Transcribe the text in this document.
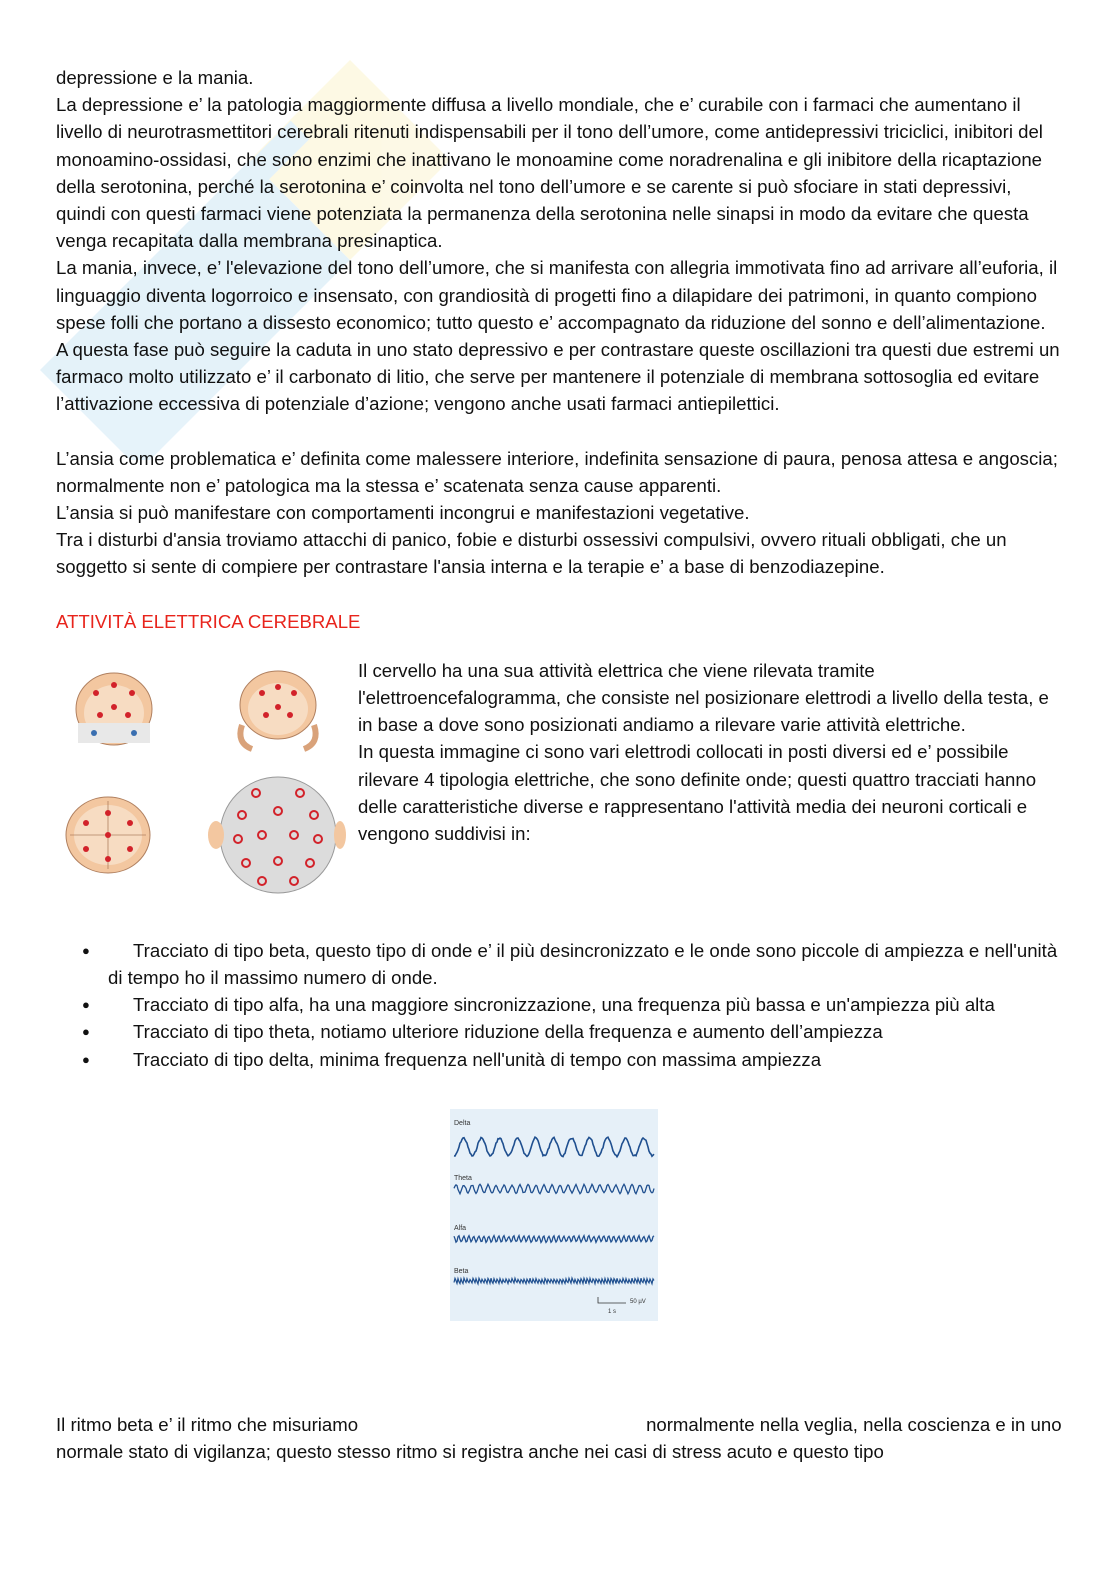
depressione e la mania.

La depressione e’ la patologia maggiormente diffusa a livello mondiale, che e’ curabile con i farmaci che aumentano il livello di neurotrasmettitori cerebrali ritenuti indispensabili per il tono dell’umore, come antidepressivi triciclici, inibitori del monoamino-ossidasi, che sono enzimi che inattivano le monoamine come noradrenalina e gli inibitore della ricaptazione della serotonina, perché la serotonina e’ coinvolta nel tono dell’umore e se carente si può sfociare in stati depressivi, quindi con questi farmaci viene potenziata la permanenza della serotonina nelle sinapsi in modo da evitare che questa venga recapitata dalla membrana presinaptica.

La mania, invece, e’ l'elevazione del tono dell’umore, che si manifesta con allegria immotivata fino ad arrivare all’euforia, il linguaggio diventa logorroico e insensato, con grandiosità di progetti fino a dilapidare dei patrimoni, in quanto compiono spese folli che portano a dissesto economico; tutto questo e’ accompagnato da riduzione del sonno e dell’alimentazione.

A questa fase può seguire la caduta in uno stato depressivo e per contrastare queste oscillazioni tra questi due estremi un farmaco molto utilizzato e’ il carbonato di litio, che serve per mantenere il potenziale di membrana sottosoglia ed evitare l’attivazione eccessiva di potenziale d’azione; vengono anche usati farmaci antiepilettici.

L’ansia come problematica e’ definita come malessere interiore, indefinita sensazione di paura, penosa attesa e angoscia; normalmente non e’ patologica ma la stessa e’ scatenata senza cause apparenti.

L’ansia si può manifestare con comportamenti incongrui e manifestazioni vegetative.

Tra i disturbi d'ansia troviamo attacchi di panico, fobie e disturbi ossessivi compulsivi, ovvero rituali obbligati, che un soggetto si sente di compiere per contrastare l'ansia interna e la terapie e’ a base di benzodiazepine.

ATTIVITÀ ELETTRICA CEREBRALE

Il cervello ha una sua attività elettrica che viene rilevata tramite l'elettroencefalogramma, che consiste nel posizionare elettrodi a livello della testa, e in base a dove sono posizionati andiamo a rilevare varie attività elettriche.

In questa immagine ci sono vari elettrodi collocati in posti diversi ed e’ possibile rilevare 4 tipologia elettriche, che sono definite onde; questi quattro tracciati hanno delle caratteristiche diverse e rappresentano l'attività media dei neuroni corticali e vengono suddivisi in:

● Tracciato di tipo beta, questo tipo di onde e’ il più desincronizzato e le onde sono piccole di ampiezza e nell'unità di tempo ho il massimo numero di onde.
● Tracciato di tipo alfa, ha una maggiore sincronizzazione, una frequenza più bassa e un'ampiezza più alta
● Tracciato di tipo theta, notiamo ulteriore riduzione della frequenza e aumento dell’ampiezza
● Tracciato di tipo delta, minima frequenza nell'unità di tempo con massima ampiezza
Delta
Theta
Alfa
Beta
50 µV
1 s

Il ritmo beta e’ il ritmo che misuriamo	normalmente nella veglia, nella coscienza e in uno normale stato di vigilanza; questo stesso ritmo si registra anche nei casi di stress acuto e questo tipo
